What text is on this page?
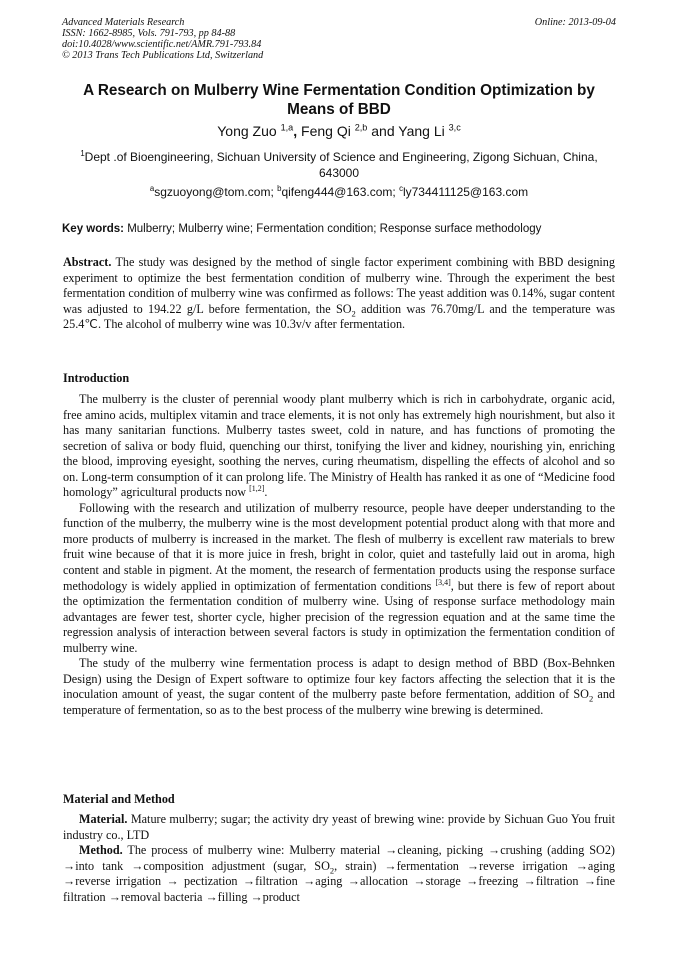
Advanced Materials Research
ISSN: 1662-8985, Vols. 791-793, pp 84-88
doi:10.4028/www.scientific.net/AMR.791-793.84
© 2013 Trans Tech Publications Ltd, Switzerland
Online: 2013-09-04
A Research on Mulberry Wine Fermentation Condition Optimization by
Means of BBD
Yong Zuo $^{1,a}$, Feng Qi $^{2,b}$ and Yang Li $^{3,c}$
$^1$Dept .of Bioengineering, Sichuan University of Science and Engineering, Zigong Sichuan, China,
643000
$^a$sgzuoyong@tom.com; $^b$qifeng444@163.com; $^c$ly734411125@163.com
Key words: Mulberry; Mulberry wine; Fermentation condition; Response surface methodology

Abstract. The study was designed by the method of single factor experiment combining with BBD designing experiment to optimize the best fermentation condition of mulberry wine. Through the experiment the best fermentation condition of mulberry wine was confirmed as follows: The yeast addition was 0.14%, sugar content was adjusted to 194.22 g/L before fermentation, the $SO_2$ addition was 76.70mg/L and the temperature was 25.4℃. The alcohol of mulberry wine was 10.3v/v after fermentation.

Introduction

The mulberry is the cluster of perennial woody plant mulberry which is rich in carbohydrate, organic acid, free amino acids, multiplex vitamin and trace elements, it is not only has extremely high nourishment, but also it has many sanitarian functions. Mulberry tastes sweet, cold in nature, and has functions of promoting the secretion of saliva or body fluid, quenching our thirst, tonifying the liver and kidney, nourishing yin, enriching the blood, improving eyesight, soothing the nerves, curing rheumatism, dispelling the effects of alcohol and so on. Long-term consumption of it can prolong life. The Ministry of Health has ranked it as one of “Medicine food homology” agricultural products now [1,2].

Following with the research and utilization of mulberry resource, people have deeper understanding to the function of the mulberry, the mulberry wine is the most development potential product along with that more and more products of mulberry is increased in the market. The flesh of mulberry is excellent raw materials to brew fruit wine because of that it is more juice in fresh, bright in color, quiet and tastefully laid out in aroma, high content and stable in pigment. At the moment, the research of fermentation products using the response surface methodology is widely applied in optimization of fermentation conditions [3,4], but there is few of report about the optimization the fermentation condition of mulberry wine. Using of response surface methodology main advantages are fewer test, shorter cycle, higher precision of the regression equation and at the same time the regression analysis of interaction between several factors is study in optimization the fermentation condition of mulberry wine.

The study of the mulberry wine fermentation process is adapt to design method of BBD (Box-Behnken Design) using the Design of Expert software to optimize four key factors affecting the selection that it is the inoculation amount of yeast, the sugar content of the mulberry paste before fermentation, addition of $SO_2$ and temperature of fermentation, so as to the best process of the mulberry wine brewing is determined.

Material and Method

Material. Mature mulberry; sugar; the activity dry yeast of brewing wine: provide by Sichuan Guo You fruit industry co., LTD

Method. The process of mulberry wine: Mulberry material →cleaning, picking →crushing (adding SO2) →into tank →composition adjustment (sugar, $SO_2$, strain) →fermentation →reverse irrigation →aging →reverse irrigation → pectization →filtration →aging →allocation →storage →freezing →filtration →fine filtration →removal bacteria →filling →product
